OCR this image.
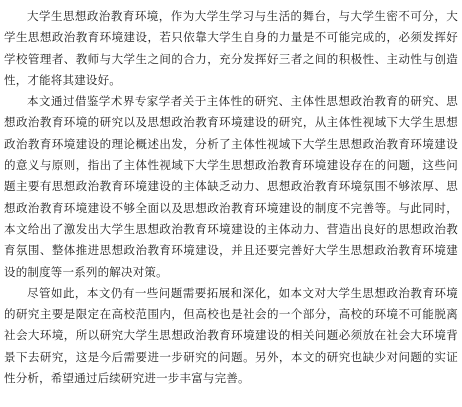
大学生思想政治教育环境，作为大学生学习与生活的舞台，与大学生密不可分，大学生思想政治教育环境建设，若只依靠大学生自身的力量是不可能完成的，必须发挥好学校管理者、教师与大学生之间的合力，充分发挥好三者之间的积极性、主动性与创造性，才能将其建设好。

本文通过借鉴学术界专家学者关于主体性的研究、主体性思想政治教育的研究、思想政治教育环境的研究以及思想政治教育环境建设的研究，从主体性视域下大学生思想政治教育环境建设的理论概述出发，分析了主体性视域下大学生思想政治教育环境建设的意义与原则，指出了主体性视域下大学生思想政治教育环境建设存在的问题，这些问题主要有思想政治教育环境建设的主体缺乏动力、思想政治教育环境氛围不够浓厚、思想政治教育环境建设不够全面以及思想政治教育环境建设的制度不完善等。与此同时，本文给出了激发出大学生思想政治教育环境建设的主体动力、营造出良好的思想政治教育氛围、整体推进思想政治教育环境建设，并且还要完善好大学生思想政治教育环境建设的制度等一系列的解决对策。

尽管如此，本文仍有一些问题需要拓展和深化，如本文对大学生思想政治教育环境的研究主要是限定在高校范围内，但高校也是社会的一个部分，高校的环境不可能脱离社会大环境，所以研究大学生思想政治教育环境建设的相关问题必须放在社会大环境背景下去研究，这是今后需要进一步研究的问题。另外，本文的研究也缺少对问题的实证性分析，希望通过后续研究进一步丰富与完善。
